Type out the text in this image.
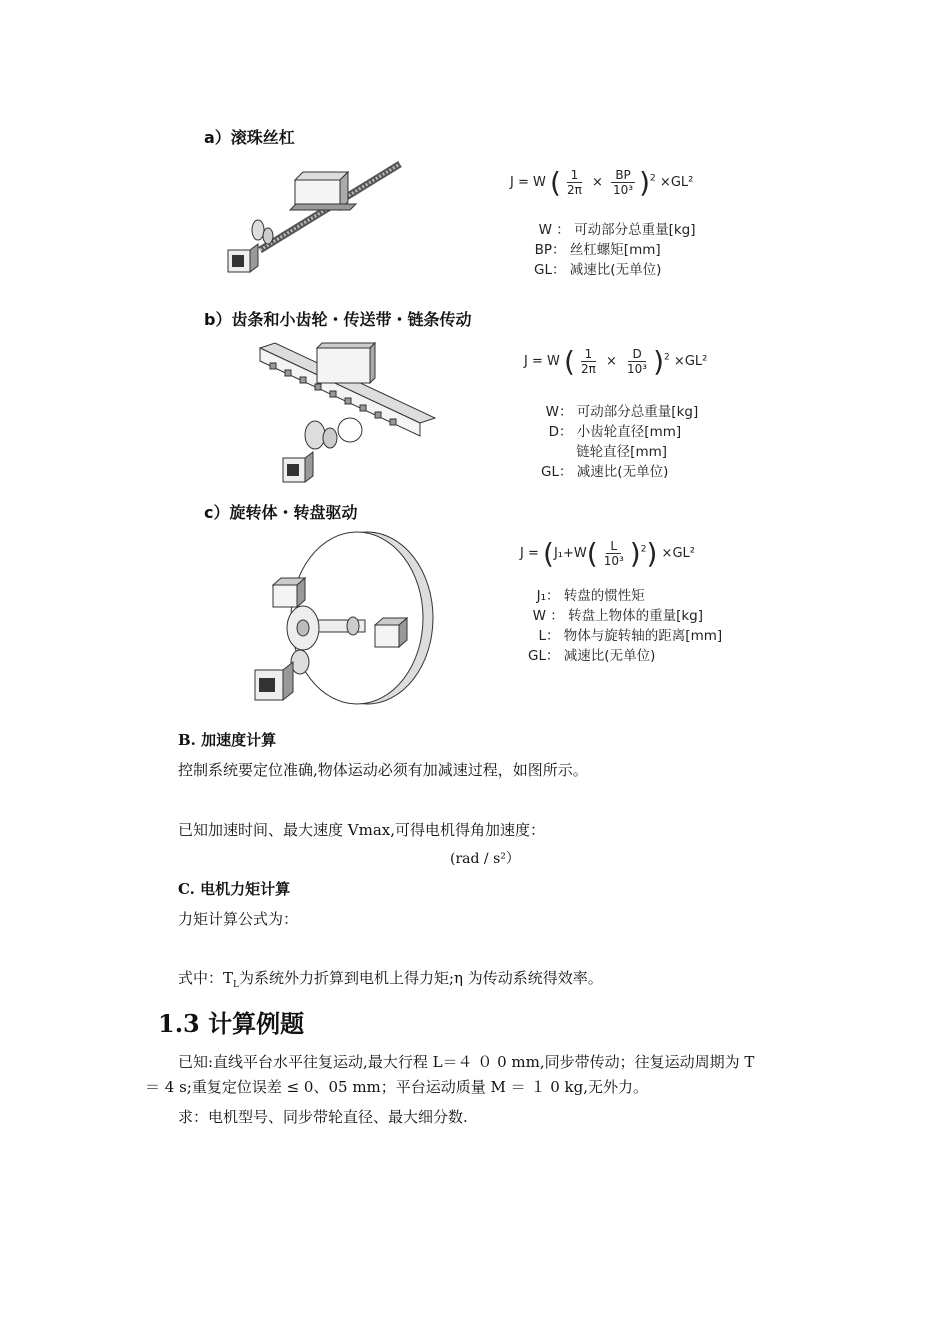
a）滚珠丝杠
J = W ( $\frac{1}{2\pi} \times \frac{BP}{\text{10³}} )^2 \times GL^2$
W ： 可动部分总重量[kg]
BP： 丝杠螺矩[mm]
GL： 减速比(无单位)
b）齿条和小齿轮・传送带・链条传动
J = W ( $\frac{1}{2\pi} \times \frac{D}{\text{10³}} )^2 \times GL^2$
W： 可动部分总重量[kg]
D： 小齿轮直径[mm]
链轮直径[mm]
GL： 减速比(无单位)
c）旋转体・转盘驱动
$J = (J_1+W( \frac{L}{\text{10³}} )^2) \times GL^2$
J₁： 转盘的惯性矩
W ： 转盘上物体的重量[kg]
L： 物体与旋转轴的距离[mm]
GL： 减速比(无单位)
B. 加速度计算
控制系统要定位准确,物体运动必须有加减速过程，如图所示。
已知加速时间、最大速度 Vmax,可得电机得角加速度：
(rad / s²）
C. 电机力矩计算
力矩计算公式为：
式中：$T_L$为系统外力折算到电机上得力矩;η 为传动系统得效率。
1.3 计算例题
已知:直线平台水平往复运动,最大行程 L＝４ ０ 0 mm,同步带传动；往复运动周期为 T
＝ 4 s;重复定位误差 ≤ 0、05 mm；平台运动质量 M ＝ １ 0 kg,无外力。
求：电机型号、同步带轮直径、最大细分数.
